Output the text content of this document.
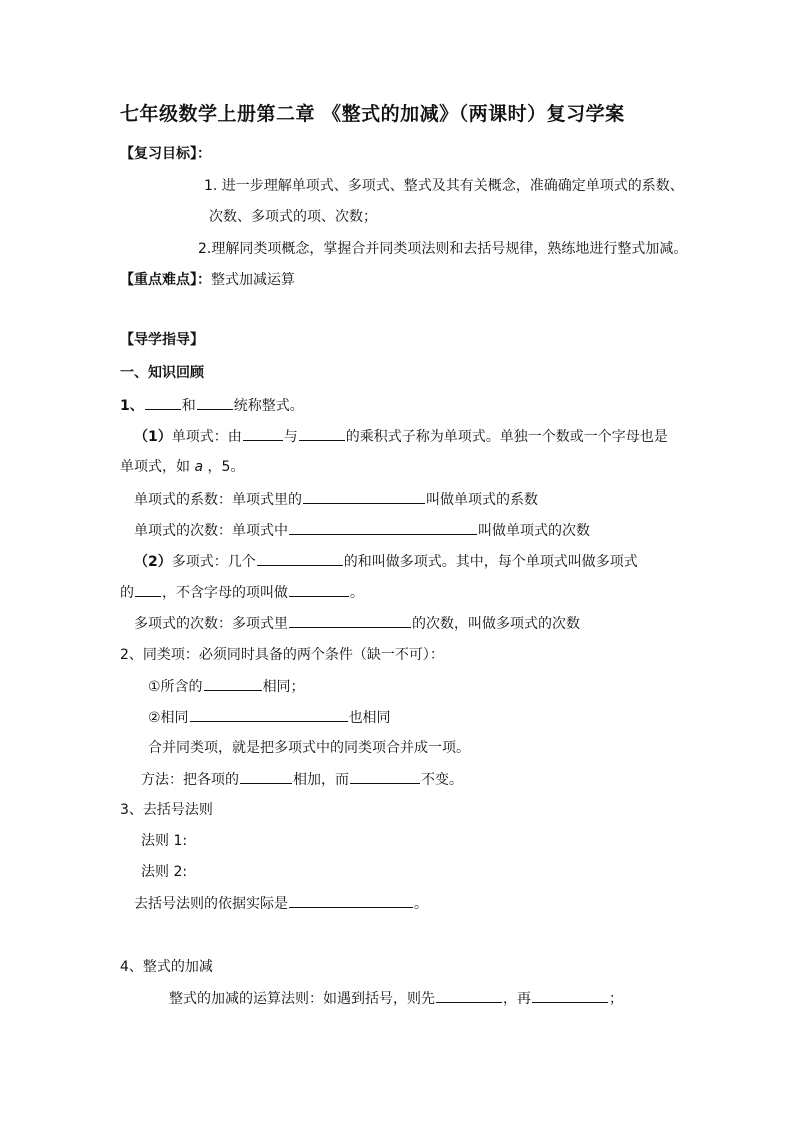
七年级数学上册第二章 《整式的加减》（两课时）复习学案
【复习目标】：
1. 进一步理解单项式、多项式、整式及其有关概念，准确确定单项式的系数、
次数、多项式的项、次数；
2.理解同类项概念，掌握合并同类项法则和去括号规律，熟练地进行整式加减。
【重点难点】：整式加减运算
【导学指导】
一、知识回顾
1、	和	统称整式。
（1）单项式：由	与	的乘积式子称为单项式。单独一个数或一个字母也是
单项式，如 a ，5。
单项式的系数：单项式里的	叫做单项式的系数
单项式的次数：单项式中	叫做单项式的次数
（2）多项式：几个	的和叫做多项式。其中，每个单项式叫做多项式
的 ，不含字母的项叫做	。
多项式的次数：多项式里	的次数，叫做多项式的次数
2、同类项：必须同时具备的两个条件（缺一不可）：
①所含的	相同；
②相同	也相同
合并同类项，就是把多项式中的同类项合并成一项。
方法：把各项的	相加，而	不变。
3、去括号法则
法则 1:
法则 2:
去括号法则的依据实际是	。
4、整式的加减
整式的加减的运算法则：如遇到括号，则先	，再	；
